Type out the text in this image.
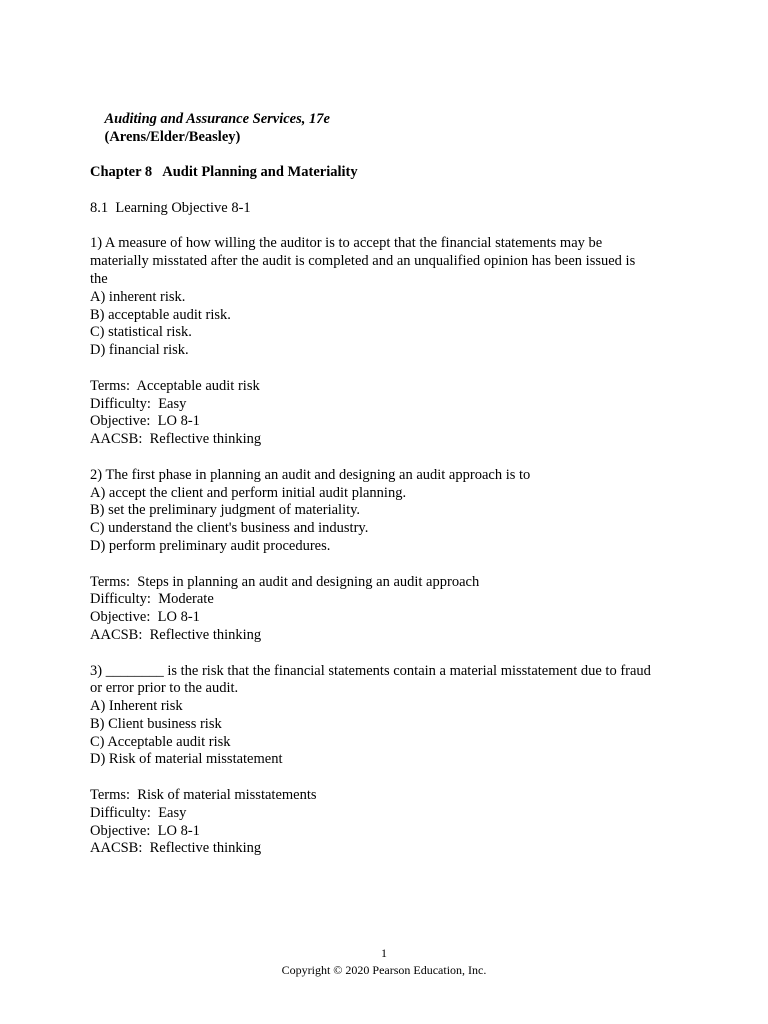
Auditing and Assurance Services, 17e
(Arens/Elder/Beasley)

Chapter 8   Audit Planning and Materiality
8.1  Learning Objective 8-1
1) A measure of how willing the auditor is to accept that the financial statements may be
materially misstated after the audit is completed and an unqualified opinion has been issued is
the
A) inherent risk.
B) acceptable audit risk.
C) statistical risk.
D) financial risk.
Terms:  Acceptable audit risk
Difficulty:  Easy
Objective:  LO 8-1
AACSB:  Reflective thinking
2) The first phase in planning an audit and designing an audit approach is to
A) accept the client and perform initial audit planning.
B) set the preliminary judgment of materiality.
C) understand the client's business and industry.
D) perform preliminary audit procedures.
Terms:  Steps in planning an audit and designing an audit approach
Difficulty:  Moderate
Objective:  LO 8-1
AACSB:  Reflective thinking
3) ________ is the risk that the financial statements contain a material misstatement due to fraud
or error prior to the audit.
A) Inherent risk
B) Client business risk
C) Acceptable audit risk
D) Risk of material misstatement
Terms:  Risk of material misstatements
Difficulty:  Easy
Objective:  LO 8-1
AACSB:  Reflective thinking
1
Copyright © 2020 Pearson Education, Inc.
